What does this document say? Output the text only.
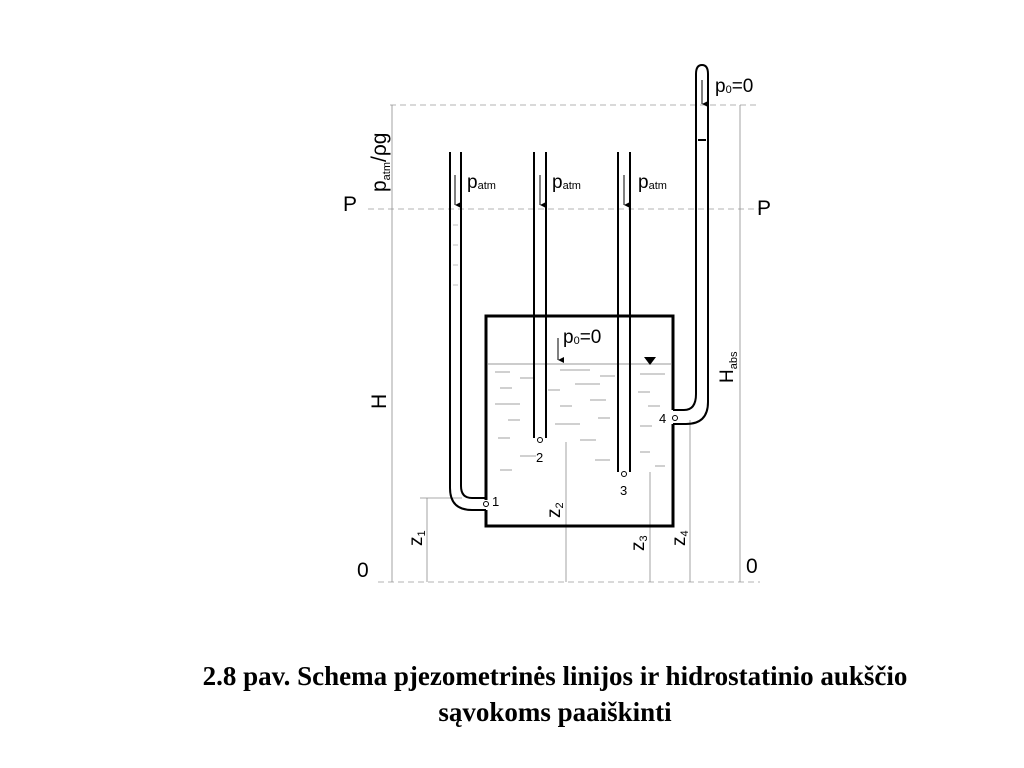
P	P
0	0
H
patm/ρg
$H_{abs}$
patm	patm	patm
p0=0
p0=0
1
2
3
4
z1
z2
z3 z4
2.8 pav. Schema pjezometrinės linijos ir hidrostatinio aukščio
sąvokoms paaiškinti
